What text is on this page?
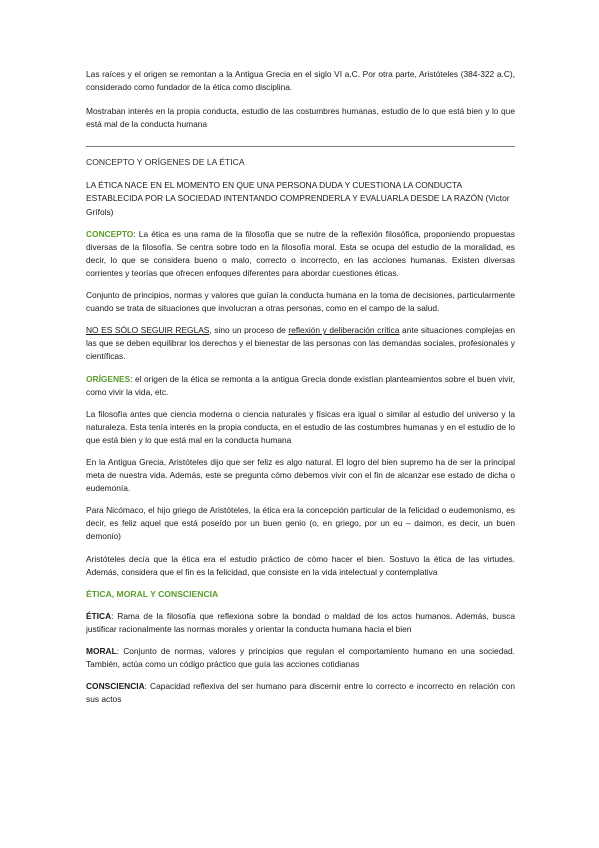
Las raíces y el origen se remontan a la Antigua Grecia en el siglo VI a.C. Por otra parte, Aristóteles (384-322 a.C), considerado como fundador de la ética como disciplina.

Mostraban interés en la propia conducta, estudio de las costumbres humanas, estudio de lo que está bien y lo que está mal de la conducta humana

CONCEPTO Y ORÍGENES DE LA ÉTICA

LA ÉTICA NACE EN EL MOMENTO EN QUE UNA PERSONA DUDA Y CUESTIONA LA CONDUCTA ESTABLECIDA POR LA SOCIEDAD INTENTANDO COMPRENDERLA Y EVALUARLA DESDE LA RAZÓN (Victor Grífols)

CONCEPTO: La ética es una rama de la filosofía que se nutre de la reflexión filosófica, proponiendo propuestas diversas de la filosofía. Se centra sobre todo en la filosofía moral. Esta se ocupa del estudio de la moralidad, es decir, lo que se considera bueno o malo, correcto o incorrecto, en las acciones humanas. Existen diversas corrientes y teorías que ofrecen enfoques diferentes para abordar cuestiones éticas.

Conjunto de principios, normas y valores que guían la conducta humana en la toma de decisiones, particularmente cuando se trata de situaciones que involucran a otras personas, como en el campo de la salud.

NO ES SÓLO SEGUIR REGLAS, sino un proceso de reflexión y deliberación crítica ante situaciones complejas en las que se deben equilibrar los derechos y el bienestar de las personas con las demandas sociales, profesionales y científicas.

ORÍGENES: el origen de la ética se remonta a la antigua Grecia donde existían planteamientos sobre el buen vivir, como vivir la vida, etc.

La filosofía antes que ciencia moderna o ciencia naturales y físicas era igual o similar al estudio del universo y la naturaleza. Esta tenía interés en la propia conducta, en el estudio de las costumbres humanas y en el estudio de lo que está bien y lo que está mal en la conducta humana

En la Antigua Grecia, Aristóteles dijo que ser feliz es algo natural. El logro del bien supremo ha de ser la principal meta de nuestra vida. Además, este se pregunta cómo debemos vivir con el fin de alcanzar ese estado de dicha o eudemonía.

Para Nicómaco, el hijo griego de Aristóteles, la ética era la concepción particular de la felicidad o eudemonismo, es decir, es feliz aquel que está poseído por un buen genio (o, en griego, por un eu – daimon, es decir, un buen demonio)

Aristóteles decía que la ética era el estudio práctico de cómo hacer el bien. Sostuvo la ética de las virtudes. Además, considera que el fin es la felicidad, que consiste en la vida intelectual y contemplativa

ÉTICA, MORAL Y CONSCIENCIA

ÉTICA: Rama de la filosofía que reflexiona sobre la bondad o maldad de los actos humanos. Además, busca justificar racionalmente las normas morales y orientar la conducta humana hacia el bien

MORAL: Conjunto de normas, valores y principios que regulan el comportamiento humano en una sociedad. También, actúa como un código práctico que guía las acciones cotidianas

CONSCIENCIA: Capacidad reflexiva del ser humano para discernir entre lo correcto e incorrecto en relación con sus actos
